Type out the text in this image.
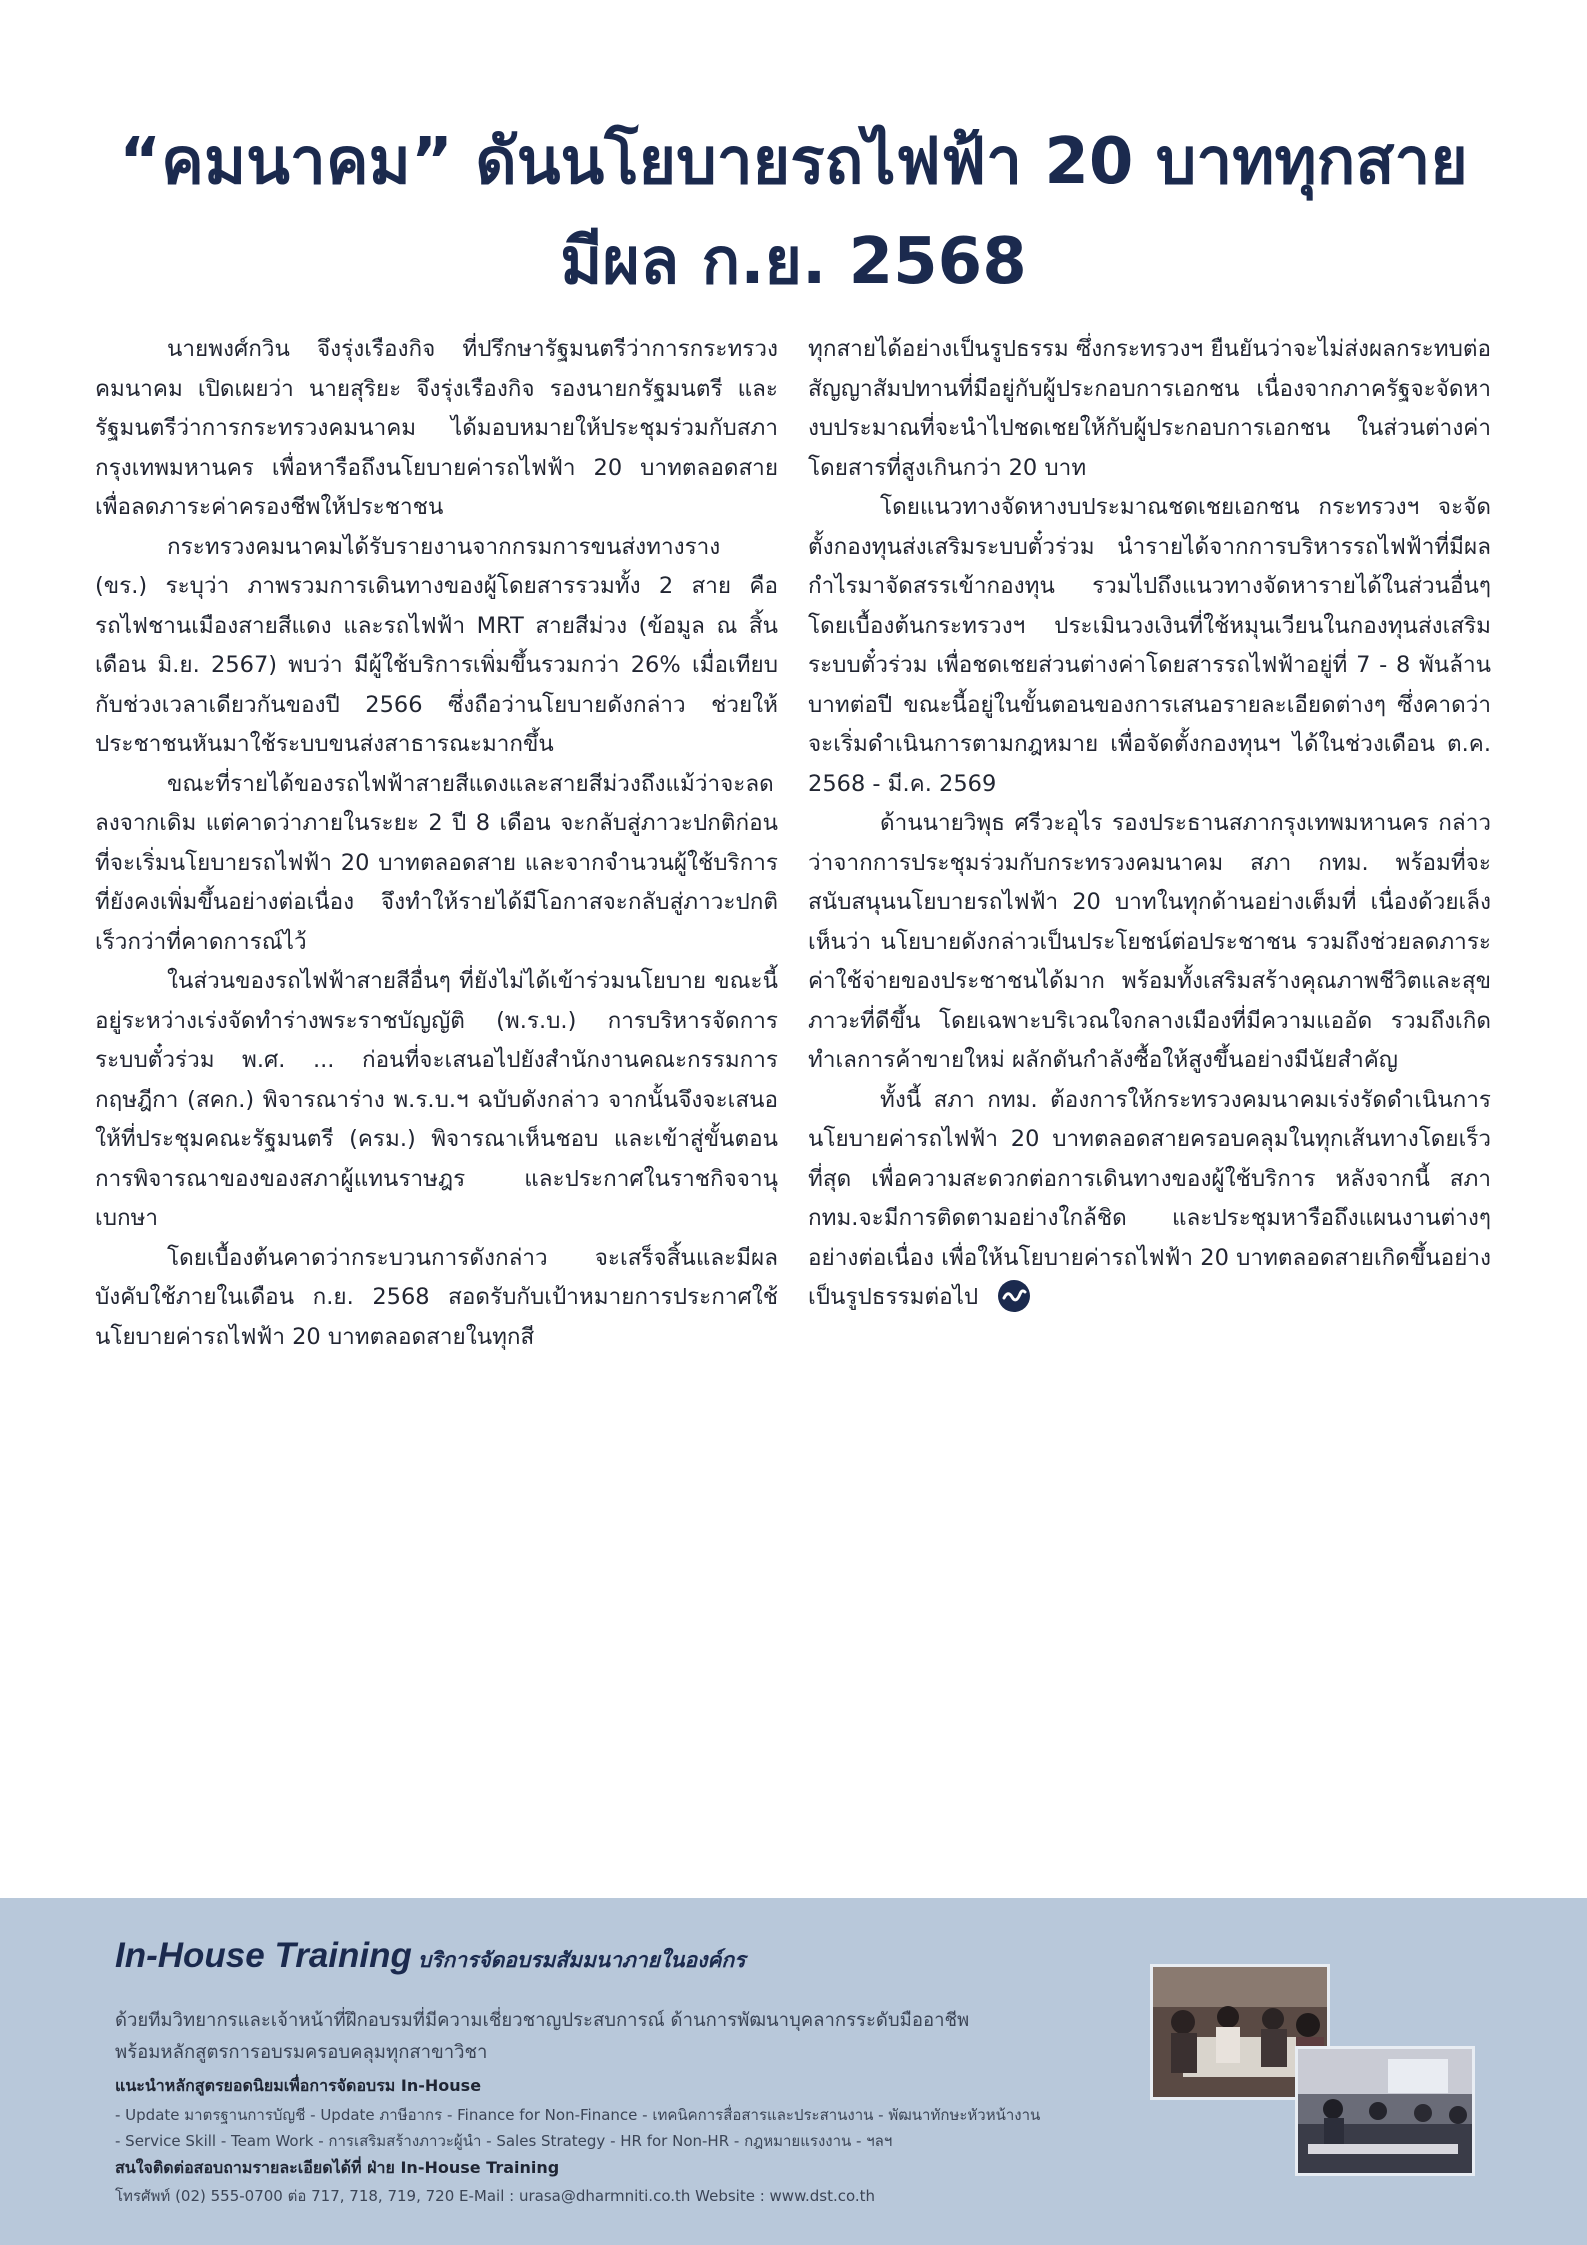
“คมนาคม” ดันนโยบายรถไฟฟ้า 20 บาททุกสาย
มีผล ก.ย. 2568

นายพงศ์กวิน จึงรุ่งเรืองกิจ ที่ปรึกษารัฐมนตรีว่าการกระทรวงคมนาคม เปิดเผยว่า นายสุริยะ จึงรุ่งเรืองกิจ รองนายกรัฐมนตรี และรัฐมนตรีว่าการกระทรวงคมนาคม ได้มอบหมายให้ประชุมร่วมกับสภากรุงเทพมหานคร เพื่อหารือถึงนโยบายค่ารถไฟฟ้า 20 บาทตลอดสาย เพื่อลดภาระค่าครองชีพให้ประชาชน

กระทรวงคมนาคมได้รับรายงานจากกรมการขนส่งทางราง (ขร.) ระบุว่า ภาพรวมการเดินทางของผู้โดยสารรวมทั้ง 2 สาย คือ รถไฟชานเมืองสายสีแดง และรถไฟฟ้า MRT สายสีม่วง (ข้อมูล ณ สิ้นเดือน มิ.ย. 2567) พบว่า มีผู้ใช้บริการเพิ่มขึ้นรวมกว่า 26% เมื่อเทียบกับช่วงเวลาเดียวกันของปี 2566 ซึ่งถือว่านโยบายดังกล่าว ช่วยให้ประชาชนหันมาใช้ระบบขนส่งสาธารณะมากขึ้น

ขณะที่รายได้ของรถไฟฟ้าสายสีแดงและสายสีม่วงถึงแม้ว่าจะลดลงจากเดิม แต่คาดว่าภายในระยะ 2 ปี 8 เดือน จะกลับสู่ภาวะปกติก่อนที่จะเริ่มนโยบายรถไฟฟ้า 20 บาทตลอดสาย และจากจำนวนผู้ใช้บริการที่ยังคงเพิ่มขึ้นอย่างต่อเนื่อง จึงทำให้รายได้มีโอกาสจะกลับสู่ภาวะปกติเร็วกว่าที่คาดการณ์ไว้

ในส่วนของรถไฟฟ้าสายสีอื่นๆ ที่ยังไม่ได้เข้าร่วมนโยบาย ขณะนี้อยู่ระหว่างเร่งจัดทำร่างพระราชบัญญัติ (พ.ร.บ.) การบริหารจัดการระบบตั๋วร่วม พ.ศ. ... ก่อนที่จะเสนอไปยังสำนักงานคณะกรรมการกฤษฎีกา (สคก.) พิจารณาร่าง พ.ร.บ.ฯ ฉบับดังกล่าว จากนั้นจึงจะเสนอให้ที่ประชุมคณะรัฐมนตรี (ครม.) พิจารณาเห็นชอบ และเข้าสู่ขั้นตอนการพิจารณาของของสภาผู้แทนราษฎร และประกาศในราชกิจจานุเบกษา

โดยเบื้องต้นคาดว่ากระบวนการดังกล่าว จะเสร็จสิ้นและมีผลบังคับใช้ภายในเดือน ก.ย. 2568 สอดรับกับเป้าหมายการประกาศใช้นโยบายค่ารถไฟฟ้า 20 บาทตลอดสายในทุกสี

ทุกสายได้อย่างเป็นรูปธรรม ซึ่งกระทรวงฯ ยืนยันว่าจะไม่ส่งผลกระทบต่อสัญญาสัมปทานที่มีอยู่กับผู้ประกอบการเอกชน เนื่องจากภาครัฐจะจัดหางบประมาณที่จะนำไปชดเชยให้กับผู้ประกอบการเอกชน ในส่วนต่างค่าโดยสารที่สูงเกินกว่า 20 บาท

โดยแนวทางจัดหางบประมาณชดเชยเอกชน กระทรวงฯ จะจัดตั้งกองทุนส่งเสริมระบบตั๋วร่วม นำรายได้จากการบริหารรถไฟฟ้าที่มีผลกำไรมาจัดสรรเข้ากองทุน รวมไปถึงแนวทางจัดหารายได้ในส่วนอื่นๆ โดยเบื้องต้นกระทรวงฯ ประเมินวงเงินที่ใช้หมุนเวียนในกองทุนส่งเสริมระบบตั๋วร่วม เพื่อชดเชยส่วนต่างค่าโดยสารรถไฟฟ้าอยู่ที่ 7 - 8 พันล้านบาทต่อปี ขณะนี้อยู่ในขั้นตอนของการเสนอรายละเอียดต่างๆ ซึ่งคาดว่าจะเริ่มดำเนินการตามกฎหมาย เพื่อจัดตั้งกองทุนฯ ได้ในช่วงเดือน ต.ค. 2568 - มี.ค. 2569

ด้านนายวิพุธ ศรีวะอุไร รองประธานสภากรุงเทพมหานคร กล่าวว่าจากการประชุมร่วมกับกระทรวงคมนาคม สภา กทม. พร้อมที่จะสนับสนุนนโยบายรถไฟฟ้า 20 บาทในทุกด้านอย่างเต็มที่ เนื่องด้วยเล็งเห็นว่า นโยบายดังกล่าวเป็นประโยชน์ต่อประชาชน รวมถึงช่วยลดภาระค่าใช้จ่ายของประชาชนได้มาก พร้อมทั้งเสริมสร้างคุณภาพชีวิตและสุขภาวะที่ดีขึ้น โดยเฉพาะบริเวณใจกลางเมืองที่มีความแออัด รวมถึงเกิดทำเลการค้าขายใหม่ ผลักดันกำลังซื้อให้สูงขึ้นอย่างมีนัยสำคัญ

ทั้งนี้ สภา กทม. ต้องการให้กระทรวงคมนาคมเร่งรัดดำเนินการนโยบายค่ารถไฟฟ้า 20 บาทตลอดสายครอบคลุมในทุกเส้นทางโดยเร็วที่สุด เพื่อความสะดวกต่อการเดินทางของผู้ใช้บริการ หลังจากนี้ สภา กทม.จะมีการติดตามอย่างใกล้ชิด และประชุมหารือถึงแผนงานต่างๆ อย่างต่อเนื่อง เพื่อให้นโยบายค่ารถไฟฟ้า 20 บาทตลอดสายเกิดขึ้นอย่างเป็นรูปธรรมต่อไป

In-House Training บริการจัดอบรมสัมมนาภายในองค์กร
ด้วยทีมวิทยากรและเจ้าหน้าที่ฝึกอบรมที่มีความเชี่ยวชาญประสบการณ์ ด้านการพัฒนาบุคลากรระดับมืออาชีพ
พร้อมหลักสูตรการอบรมครอบคลุมทุกสาขาวิชา
แนะนำหลักสูตรยอดนิยมเพื่อการจัดอบรม In-House
- Update มาตรฐานการบัญชี - Update ภาษีอากร - Finance for Non-Finance - เทคนิคการสื่อสารและประสานงาน - พัฒนาทักษะหัวหน้างาน
- Service Skill - Team Work - การเสริมสร้างภาวะผู้นำ - Sales Strategy - HR for Non-HR - กฎหมายแรงงาน - ฯลฯ
สนใจติดต่อสอบถามรายละเอียดได้ที่ ฝ่าย In-House Training
โทรศัพท์ (02) 555-0700 ต่อ 717, 718, 719, 720 E-Mail : urasa@dharmniti.co.th Website : www.dst.co.th
